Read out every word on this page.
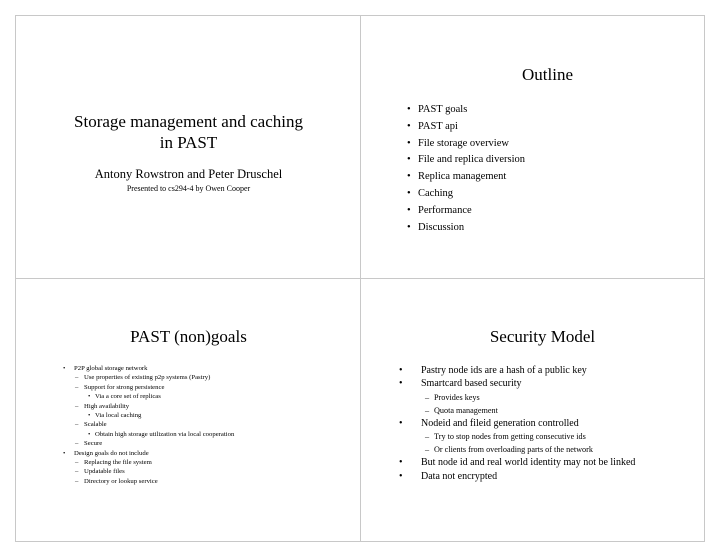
Storage management and caching
in PAST
Antony Rowstron and Peter Druschel
Presented to cs294-4 by Owen Cooper
Outline
• PAST goals
• PAST api
• File storage overview
• File and replica diversion
• Replica management
• Caching
• Performance
• Discussion
PAST (non)goals
• P2P global storage network
– Use properties of existing p2p systems (Pastry)
– Support for strong persistence
• Via a core set of replicas
– High availability
• Via local caching
– Scalable
• Obtain high storage utilization via local cooperation
– Secure
• Design goals do not include
– Replacing the file system
– Updatable files
– Directory or lookup service
Security Model
• Pastry node ids are a hash of a public key
• Smartcard based security
– Provides keys
– Quota management
• Nodeid and fileid generation controlled
– Try to stop nodes from getting consecutive ids
– Or clients from overloading parts of the network
• But node id and real world identity may not be linked
• Data not encrypted
